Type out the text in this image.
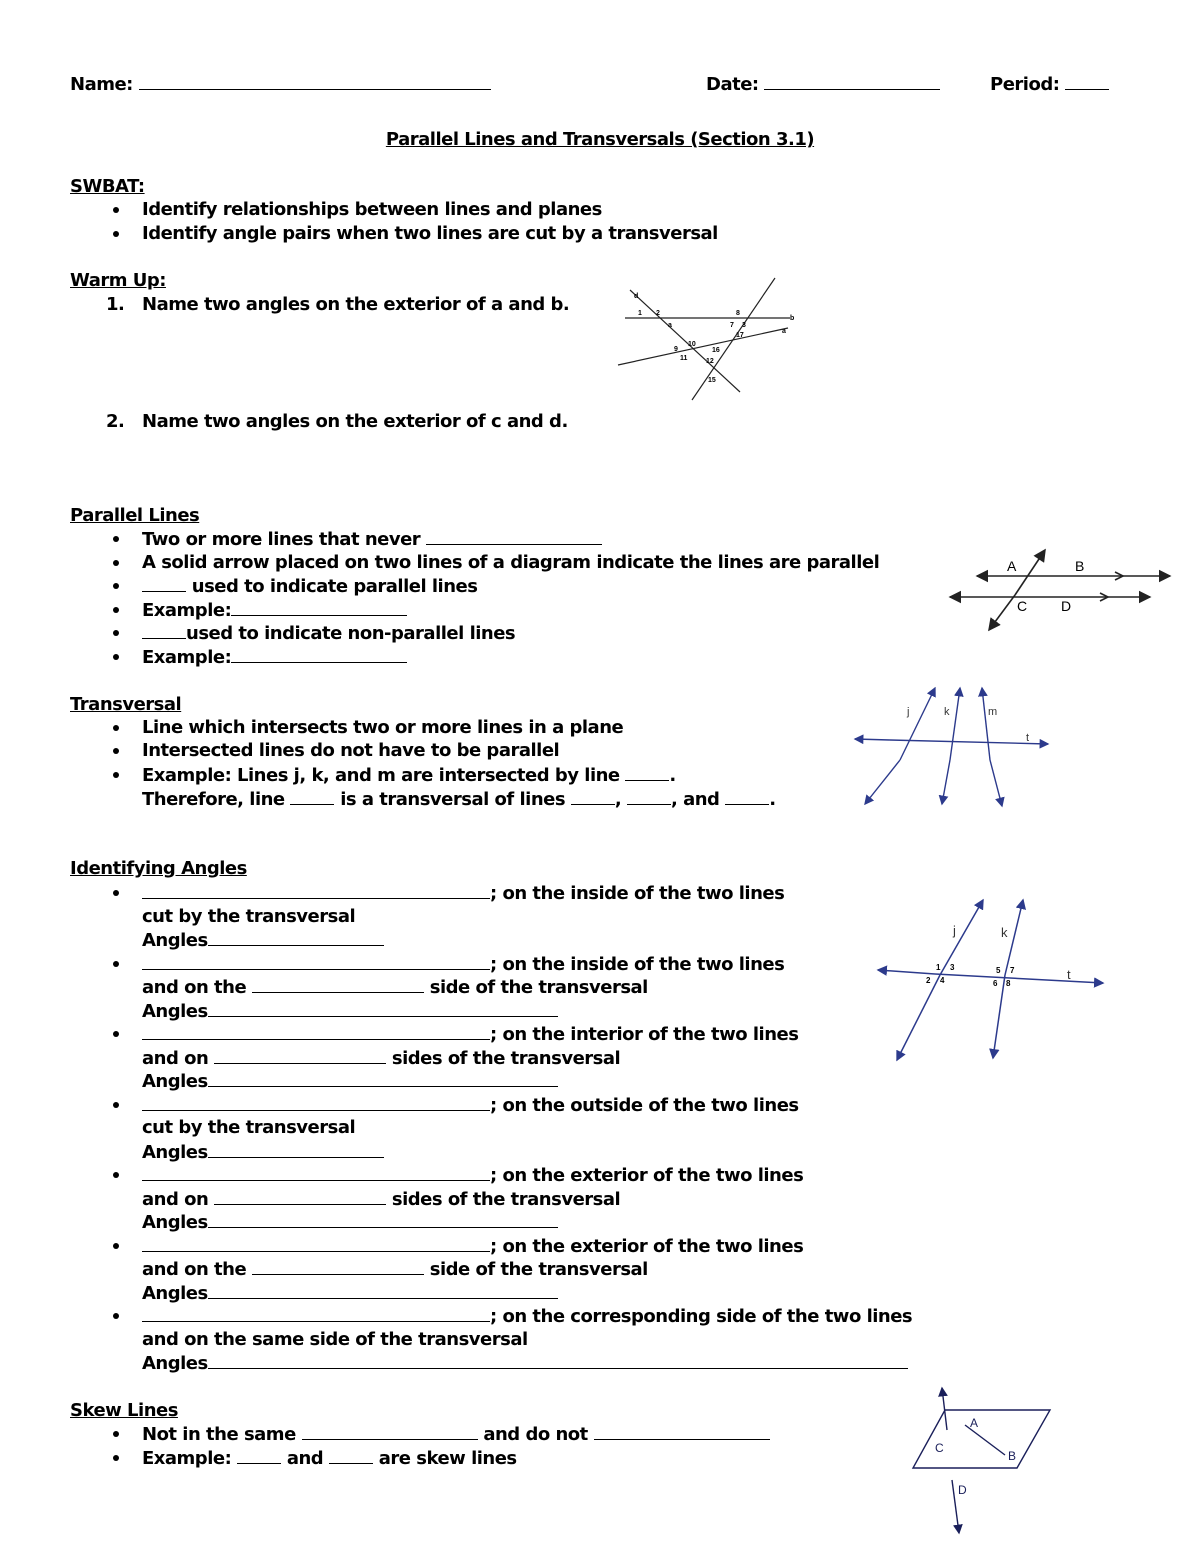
Name:	Date:	Period:
Parallel Lines and Transversals (Section 3.1)
SWBAT:
Identify relationships between lines and planes
Identify angle pairs when two lines are cut by a transversal
Warm Up:
1. Name two angles on the exterior of a and b.
2. Name two angles on the exterior of c and d.
d
1 2
a
8
7 3
b
17
a
9
10
11	12
16
15
Parallel Lines
Two or more lines that never
A solid arrow placed on two lines of a diagram indicate the lines are parallel
used to indicate parallel lines
Example:
used to indicate non-parallel lines
Example:
A	B
C D
Transversal
Line which intersects two or more lines in a plane
Intersected lines do not have to be parallel
Example: Lines j, k, and m are intersected by line	.
Therefore, line	is a transversal of lines	,	, and	.
j	k	m
t
Identifying Angles
; on the inside of the two lines
cut by the transversal
Angles
; on the inside of the two lines
and on the	side of the transversal
Angles
; on the interior of the two lines
and on	sides of the transversal
Angles
; on the outside of the two lines
cut by the transversal
Angles
; on the exterior of the two lines
and on	sides of the transversal
Angles
; on the exterior of the two lines
and on the	side of the transversal
Angles
; on the corresponding side of the two lines
and on the same side of the transversal
Angles
j	k
t
1 3
2 4
5 7
6 8
Skew Lines
Not in the same	and do not
Example:	and	are skew lines
A
C
B
D
